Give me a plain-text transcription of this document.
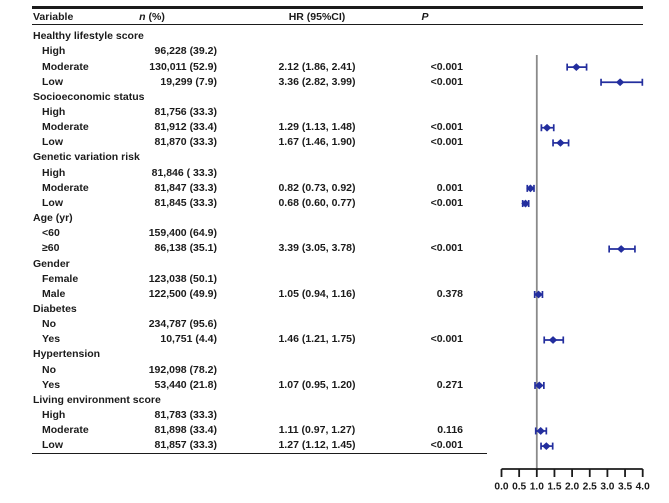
Variable	n (%)	HR (95%CI)	P
Healthy lifestyle score
High	96,228 (39.2)
Moderate	130,011 (52.9)	2.12 (1.86, 2.41)	<0.001
Low	19,299 (7.9)	3.36 (2.82, 3.99)	<0.001
Socioeconomic status
High	81,756 (33.3)
Moderate	81,912 (33.4)	1.29 (1.13, 1.48)	<0.001
Low	81,870 (33.3)	1.67 (1.46, 1.90)	<0.001
Genetic variation risk
High	81,846 ( 33.3)
Moderate	81,847 (33.3)	0.82 (0.73, 0.92)	0.001
Low	81,845 (33.3)	0.68 (0.60, 0.77)	<0.001
Age (yr)
<60	159,400 (64.9)
≥60	86,138 (35.1)	3.39 (3.05, 3.78)	<0.001
Gender
Female	123,038 (50.1)
Male	122,500 (49.9)	1.05 (0.94, 1.16)	0.378
Diabetes
No	234,787 (95.6)
Yes	10,751 (4.4)	1.46 (1.21, 1.75)	<0.001
Hypertension
No	192,098 (78.2)
Yes	53,440 (21.8)	1.07 (0.95, 1.20)	0.271
Living environment score
High	81,783 (33.3)
Moderate	81,898 (33.4)	1.11 (0.97, 1.27)	0.116
Low	81,857 (33.3)	1.27 (1.12, 1.45)	<0.001
0.0 0.5 1.0 1.5 2.0 2.5 3.0 3.5 4.0
